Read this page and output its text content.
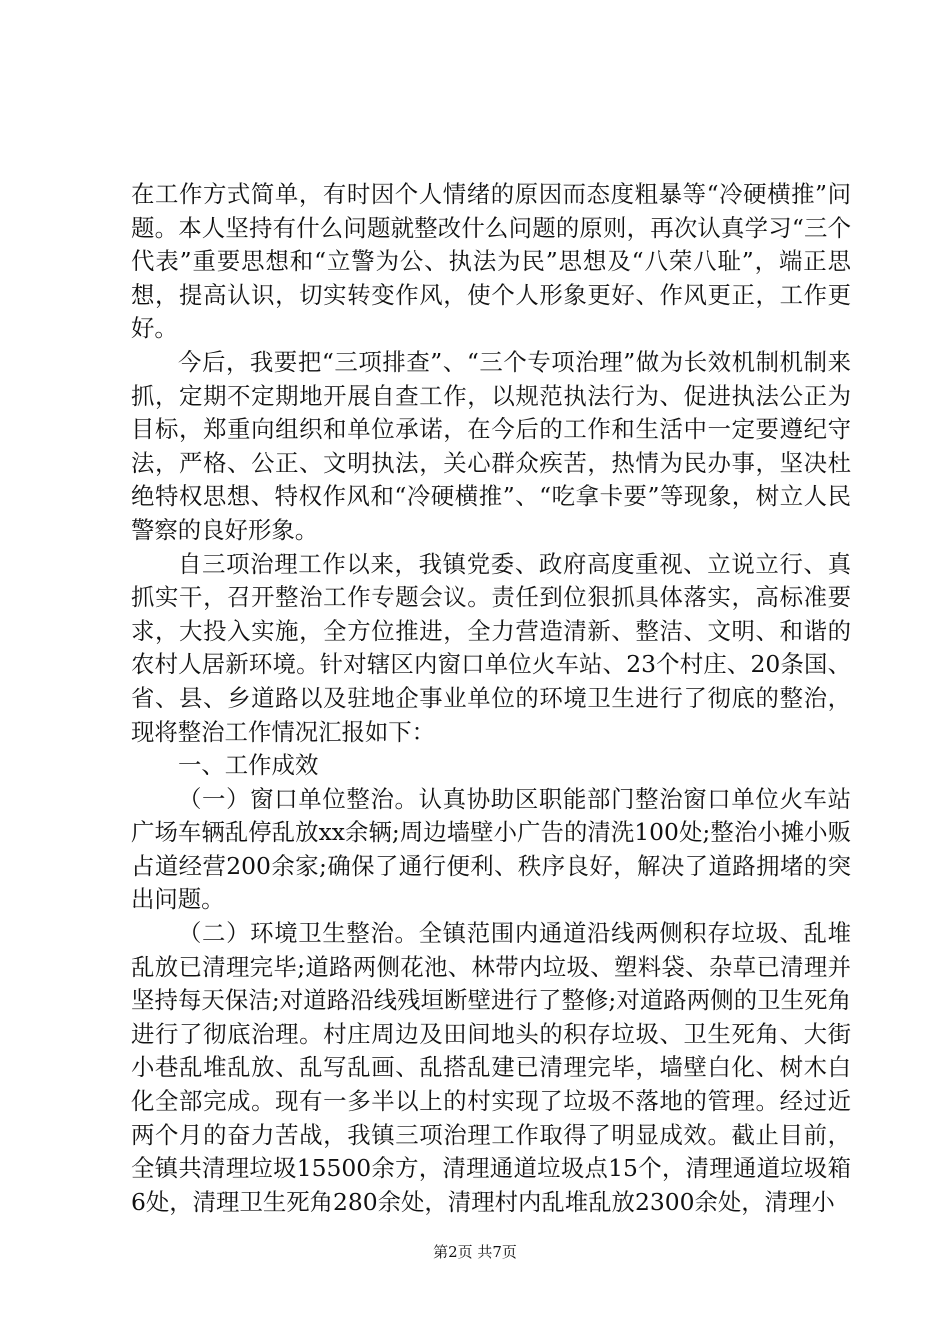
在工作方式简单，有时因个人情绪的原因而态度粗暴等“冷硬横推”问题。本人坚持有什么问题就整改什么问题的原则，再次认真学习“三个代表”重要思想和“立警为公、执法为民”思想及“八荣八耻”，端正思想，提高认识，切实转变作风，使个人形象更好、作风更正，工作更好。

今后，我要把“三项排查”、“三个专项治理”做为长效机制机制来抓，定期不定期地开展自查工作，以规范执法行为、促进执法公正为目标，郑重向组织和单位承诺，在今后的工作和生活中一定要遵纪守法，严格、公正、文明执法，关心群众疾苦，热情为民办事，坚决杜绝特权思想、特权作风和“冷硬横推”、“吃拿卡要”等现象，树立人民警察的良好形象。

自三项治理工作以来，我镇党委、政府高度重视、立说立行、真抓实干，召开整治工作专题会议。责任到位狠抓具体落实，高标准要求，大投入实施，全方位推进，全力营造清新、整洁、文明、和谐的农村人居新环境。针对辖区内窗口单位火车站、23个村庄、20条国、省、县、乡道路以及驻地企事业单位的环境卫生进行了彻底的整治，现将整治工作情况汇报如下：

一、工作成效

（一）窗口单位整治。认真协助区职能部门整治窗口单位火车站广场车辆乱停乱放xx余辆;周边墙壁小广告的清洗100处;整治小摊小贩占道经营200余家;确保了通行便利、秩序良好，解决了道路拥堵的突出问题。

（二）环境卫生整治。全镇范围内通道沿线两侧积存垃圾、乱堆乱放已清理完毕;道路两侧花池、林带内垃圾、塑料袋、杂草已清理并坚持每天保洁;对道路沿线残垣断壁进行了整修;对道路两侧的卫生死角进行了彻底治理。村庄周边及田间地头的积存垃圾、卫生死角、大街小巷乱堆乱放、乱写乱画、乱搭乱建已清理完毕，墙壁白化、树木白化全部完成。现有一多半以上的村实现了垃圾不落地的管理。经过近两个月的奋力苦战，我镇三项治理工作取得了明显成效。截止目前，全镇共清理垃圾15500余方，清理通道垃圾点15个，清理通道垃圾箱6处，清理卫生死角280余处，清理村内乱堆乱放2300余处，清理小

第2页 共7页
